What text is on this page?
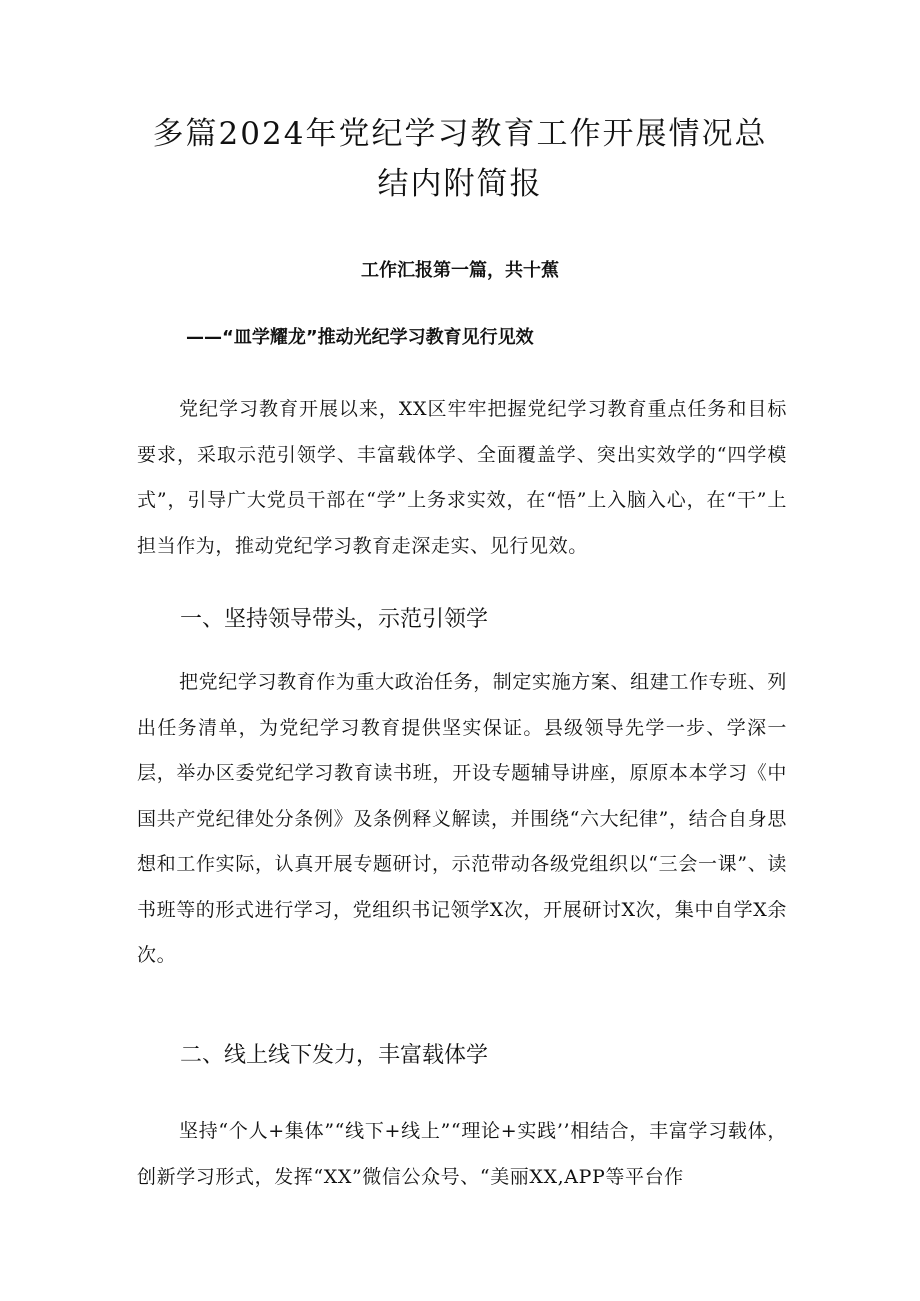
多篇2024年党纪学习教育工作开展情况总
结内附简报
工作汇报第一篇，共十蕉
——“皿学耀龙”推动光纪学习教育见行见效

党纪学习教育开展以来，XX区牢牢把握党纪学习教育重点任务和目标要求，采取示范引领学、丰富载体学、全面覆盖学、突出实效学的“四学模式”，引导广大党员干部在“学”上务求实效，在“悟”上入脑入心，在“干”上担当作为，推动党纪学习教育走深走实、见行见效。

一、坚持领导带头，示范引领学

把党纪学习教育作为重大政治任务，制定实施方案、组建工作专班、列出任务清单，为党纪学习教育提供坚实保证。县级领导先学一步、学深一层，举办区委党纪学习教育读书班，开设专题辅导讲座，原原本本学习《中国共产党纪律处分条例》及条例释义解读，并围绕“六大纪律”，结合自身思想和工作实际，认真开展专题研讨，示范带动各级党组织以“三会一课”、读书班等的形式进行学习，党组织书记领学X次，开展研讨X次，集中自学X余次。

二、线上线下发力，丰富载体学

坚持“个人+集体”“线下+线上”“理论+实践’’相结合，丰富学习载体，创新学习形式，发挥“XX”微信公众号、“美丽XX,APP等平台作
